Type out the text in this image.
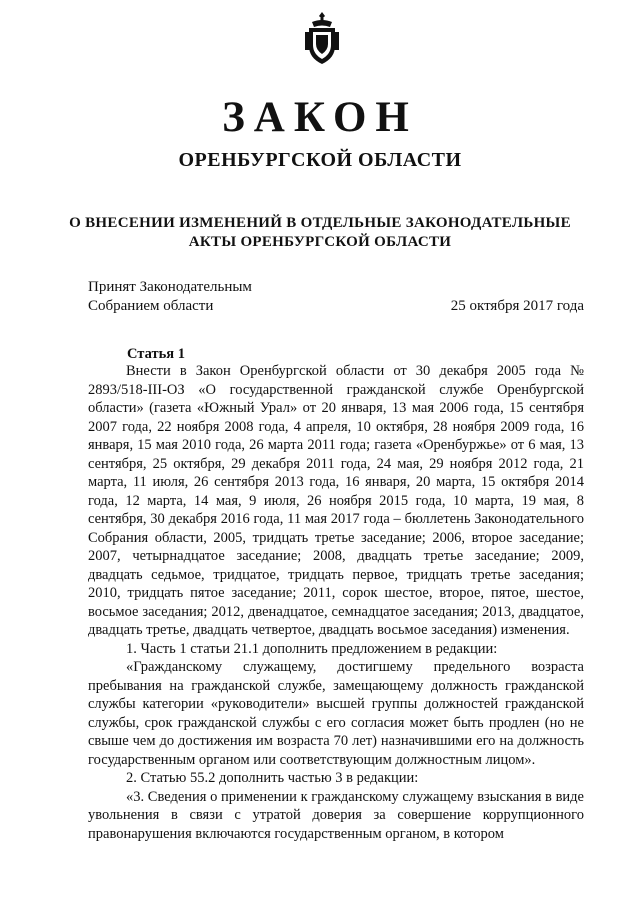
ЗАКОН
ОРЕНБУРГСКОЙ ОБЛАСТИ
О ВНЕСЕНИИ ИЗМЕНЕНИЙ В ОТДЕЛЬНЫЕ ЗАКОНОДАТЕЛЬНЫЕ
АКТЫ ОРЕНБУРГСКОЙ ОБЛАСТИ
Принят Законодательным
Собранием области	25 октября 2017 года
Статья 1

Внести в Закон Оренбургской области от 30 декабря 2005 года № 2893/518-III-ОЗ «О государственной гражданской службе Оренбургской области» (газета «Южный Урал» от 20 января, 13 мая 2006 года, 15 сентября 2007 года, 22 ноября 2008 года, 4 апреля, 10 октября, 28 ноября 2009 года, 16 января, 15 мая 2010 года, 26 марта 2011 года; газета «Оренбуржье» от 6 мая, 13 сентября, 25 октября, 29 декабря 2011 года, 24 мая, 29 ноября 2012 года, 21 марта, 11 июля, 26 сентября 2013 года, 16 января, 20 марта, 15 октября 2014 года, 12 марта, 14 мая, 9 июля, 26 ноября 2015 года, 10 марта, 19 мая, 8 сентября, 30 декабря 2016 года, 11 мая 2017 года – бюллетень Законодательного Собрания области, 2005, тридцать третье заседание; 2006, второе заседание; 2007, четырнадцатое заседание; 2008, двадцать третье заседание; 2009, двадцать седьмое, тридцатое, тридцать первое, тридцать третье заседания; 2010, тридцать пятое заседание; 2011, сорок шестое, второе, пятое, шестое, восьмое заседания; 2012, двенадцатое, семнадцатое заседания; 2013, двадцатое, двадцать третье, двадцать четвертое, двадцать восьмое заседания) изменения.

1. Часть 1 статьи 21.1 дополнить предложением в редакции:

«Гражданскому служащему, достигшему предельного возраста пребывания на гражданской службе, замещающему должность гражданской службы категории «руководители» высшей группы должностей гражданской службы, срок гражданской службы с его согласия может быть продлен (но не свыше чем до достижения им возраста 70 лет) назначившими его на должность государственным органом или соответствующим должностным лицом».

2. Статью 55.2 дополнить частью 3 в редакции:

«3. Сведения о применении к гражданскому служащему взыскания в виде увольнения в связи с утратой доверия за совершение коррупционного правонарушения включаются государственным органом, в котором
